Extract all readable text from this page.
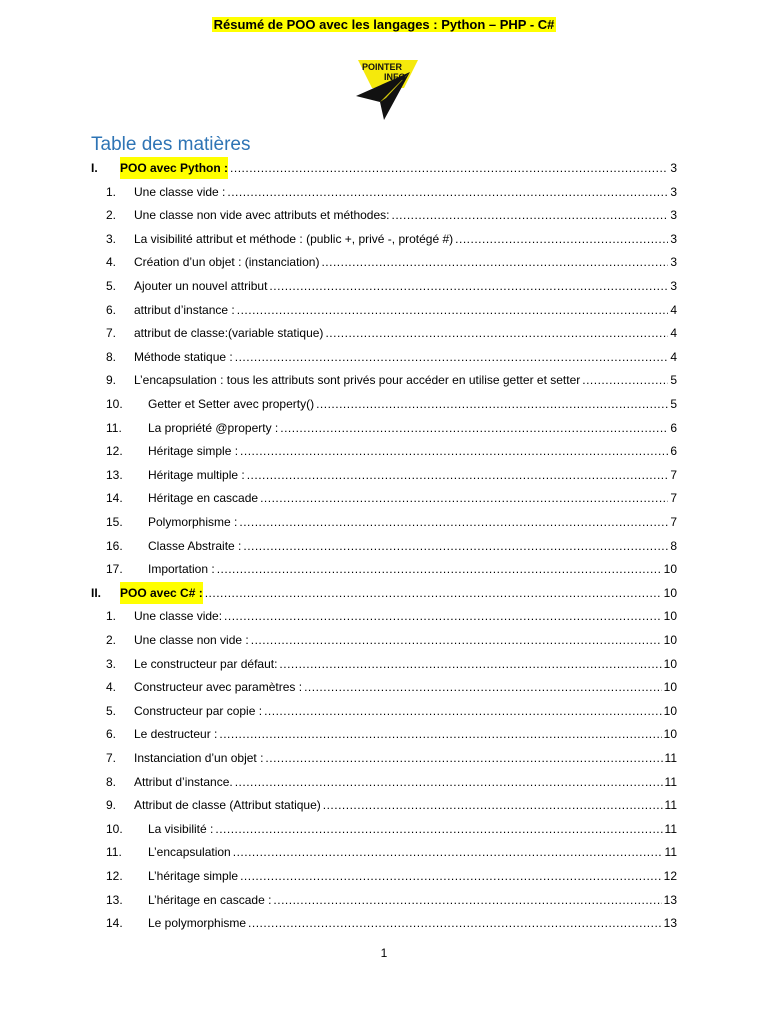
Résumé de POO avec les langages : Python – PHP - C#
POIN TER
INFO
Table des matières
I. POO avec Python : .....	3
1. Une classe vide : .....	3
2. Une classe non vide avec attributs et méthodes: .....	3
3. La visibilité attribut et méthode : (public +, privé -, protégé #) .....	3
4. Création d’un objet : (instanciation) .....	3
5. Ajouter un nouvel attribut .....	3
6. attribut d’instance : .....	4
7. attribut de classe:(variable statique) .....	4
8. Méthode statique : .....	4
9. L’encapsulation : tous les attributs sont privés pour accéder en utilise getter et setter .....	5
10. Getter et Setter avec property() .....	5
11. La propriété @property : .....	6
12. Héritage simple : .....	6
13. Héritage multiple : .....	7
14. Héritage en cascade .....	7
15. Polymorphisme : .....	7
16. Classe Abstraite : .....	8
17. Importation : .....	10
II. POO avec C# : .....	10
1. Une classe vide: .....	10
2. Une classe non vide : .....	10
3. Le constructeur par défaut: .....	10
4. Constructeur avec paramètres : .....	10
5. Constructeur par copie : .....	10
6. Le destructeur : .....	10
7. Instanciation d’un objet : .....	11
8. Attribut d’instance. .....	11
9. Attribut de classe (Attribut statique) .....	11
10. La visibilité : .....	11
11. L’encapsulation .....	11
12. L’héritage simple .....	12
13. L’héritage en cascade : .....	13
14. Le polymorphisme .....	13
1
